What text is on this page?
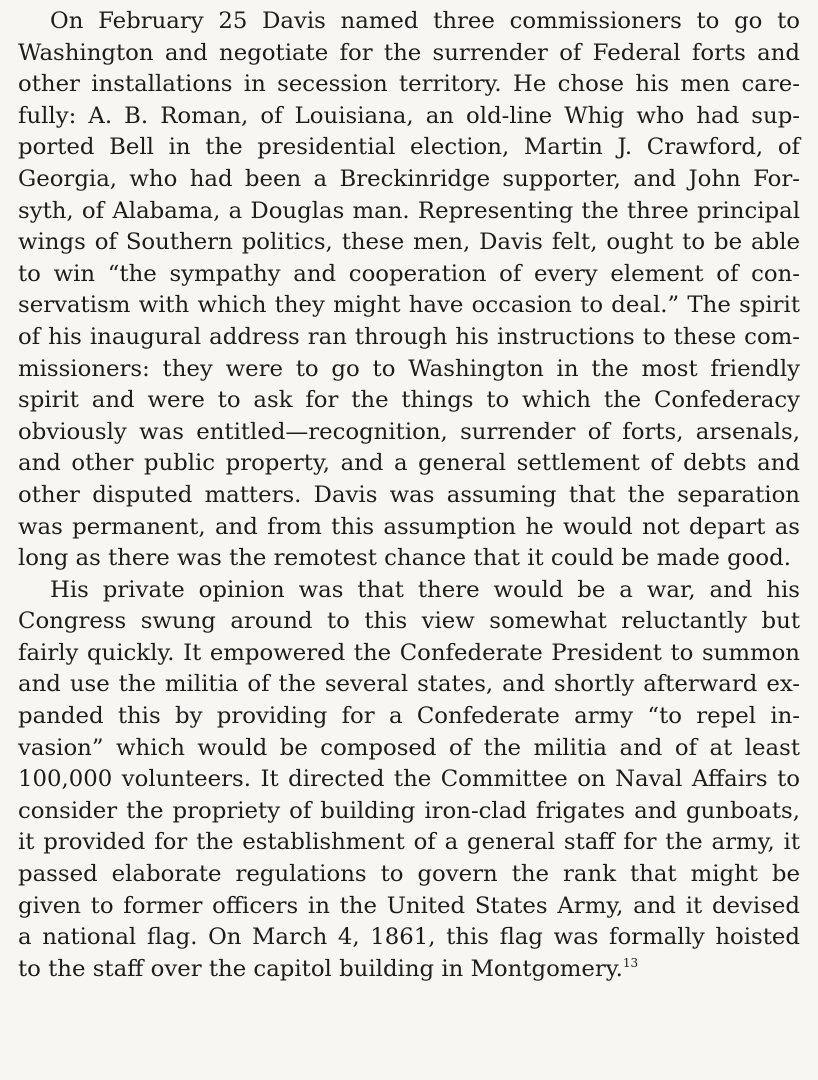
On February 25 Davis named three commissioners to go to
Washington and negotiate for the surrender of Federal forts and
other installations in secession territory. He chose his men care-
fully: A. B. Roman, of Louisiana, an old-line Whig who had sup-
ported Bell in the presidential election, Martin J. Crawford, of
Georgia, who had been a Breckinridge supporter, and John For-
syth, of Alabama, a Douglas man. Representing the three principal
wings of Southern politics, these men, Davis felt, ought to be able
to win “the sympathy and cooperation of every element of con-
servatism with which they might have occasion to deal.” The spirit
of his inaugural address ran through his instructions to these com-
missioners: they were to go to Washington in the most friendly
spirit and were to ask for the things to which the Confederacy
obviously was entitled—recognition, surrender of forts, arsenals,
and other public property, and a general settlement of debts and
other disputed matters. Davis was assuming that the separation
was permanent, and from this assumption he would not depart as
long as there was the remotest chance that it could be made good.
His private opinion was that there would be a war, and his
Congress swung around to this view somewhat reluctantly but
fairly quickly. It empowered the Confederate President to summon
and use the militia of the several states, and shortly afterward ex-
panded this by providing for a Confederate army “to repel in-
vasion” which would be composed of the militia and of at least
100,000 volunteers. It directed the Committee on Naval Affairs to
consider the propriety of building iron-clad frigates and gunboats,
it provided for the establishment of a general staff for the army, it
passed elaborate regulations to govern the rank that might be
given to former officers in the United States Army, and it devised
a national flag. On March 4, 1861, this flag was formally hoisted
to the staff over the capitol building in Montgomery.$^{13}$
